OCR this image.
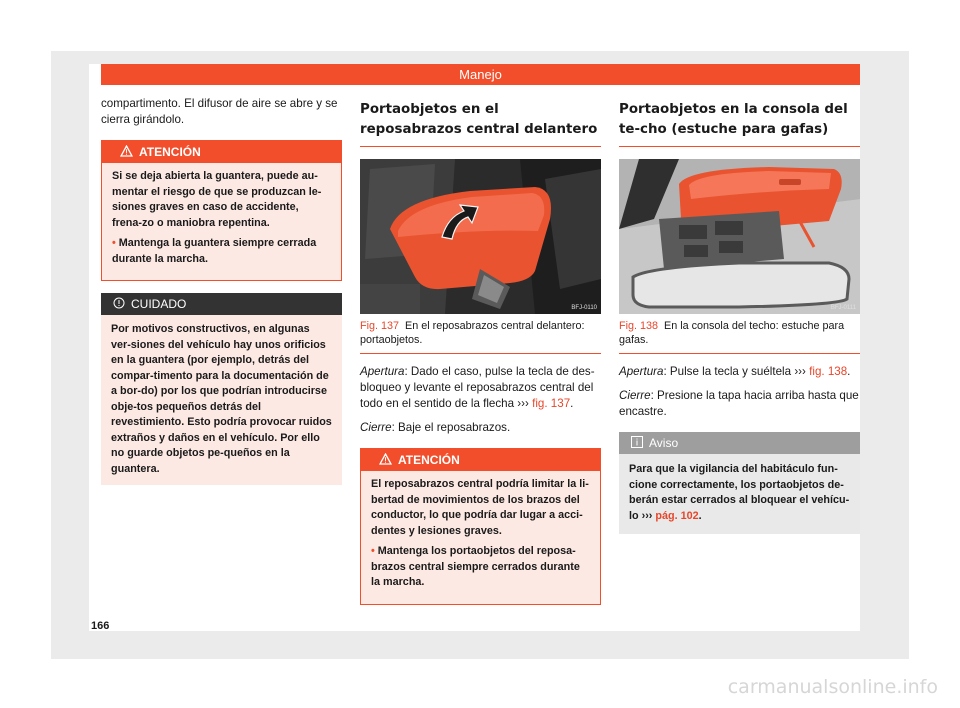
Manejo

compartimento. El difusor de aire se abre y se cierra girándolo.

ATENCIÓN

Si se deja abierta la guantera, puede au-mentar el riesgo de que se produzcan le-siones graves en caso de accidente, frena-zo o maniobra repentina.

• Mantenga la guantera siempre cerrada durante la marcha.

CUIDADO
Por motivos constructivos, en algunas ver-siones del vehículo hay unos orificios en la guantera (por ejemplo, detrás del compar-timento para la documentación de a bor-do) por los que podrían introducirse obje-tos pequeños detrás del revestimiento. Esto podría provocar ruidos extraños y daños en el vehículo. Por ello no guarde objetos pe-queños en la guantera.
Portaobjetos en el reposabrazos central delantero
BFJ-0110
Fig. 137 En el reposabrazos central delantero: portaobjetos.

Apertura: Dado el caso, pulse la tecla de des-bloqueo y levante el reposabrazos central del todo en el sentido de la flecha ››› fig. 137.

Cierre: Baje el reposabrazos.

ATENCIÓN

El reposabrazos central podría limitar la li-bertad de movimientos de los brazos del conductor, lo que podría dar lugar a acci-dentes y lesiones graves.

• Mantenga los portaobjetos del reposa-brazos central siempre cerrados durante la marcha.

Portaobjetos en la consola del te-cho (estuche para gafas)
BFJ-0111
Fig. 138 En la consola del techo: estuche para gafas.

Apertura: Pulse la tecla y suéltela ››› fig. 138.

Cierre: Presione la tapa hacia arriba hasta que encastre.

Aviso
Para que la vigilancia del habitáculo fun-cione correctamente, los portaobjetos de-berán estar cerrados al bloquear el vehícu-lo ››› pág. 102.
166
carmanualsonline.info
